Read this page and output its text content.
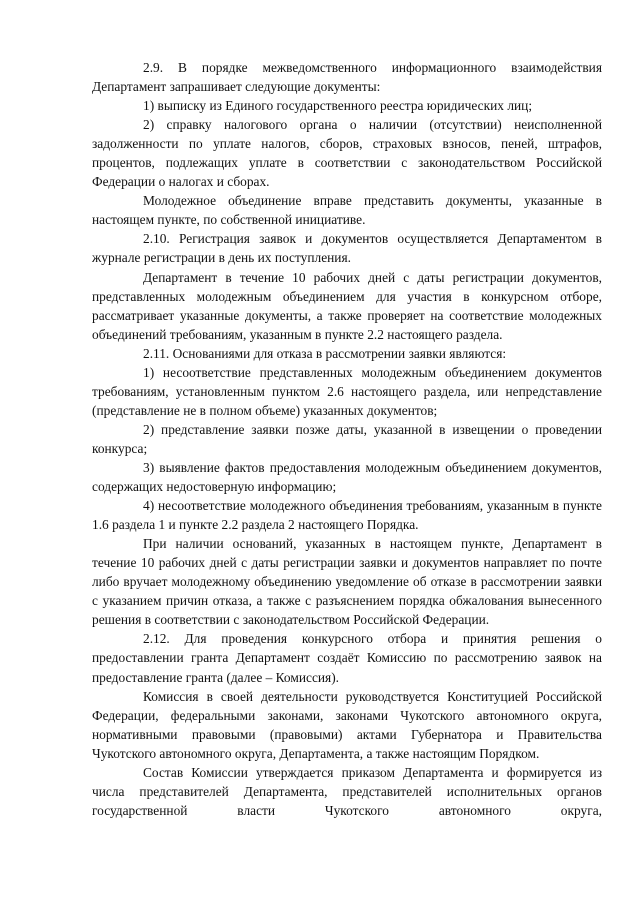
2.9. В порядке межведомственного информационного взаимодействия Департамент запрашивает следующие документы:

1) выписку из Единого государственного реестра юридических лиц;

2) справку налогового органа о наличии (отсутствии) неисполненной задолженности по уплате налогов, сборов, страховых взносов, пеней, штрафов, процентов, подлежащих уплате в соответствии с законодательством Российской Федерации о налогах и сборах.

Молодежное объединение вправе представить документы, указанные в настоящем пункте, по собственной инициативе.

2.10. Регистрация заявок и документов осуществляется Департаментом в журнале регистрации в день их поступления.

Департамент в течение 10 рабочих дней с даты регистрации документов, представленных молодежным объединением для участия в конкурсном отборе, рассматривает указанные документы, а также проверяет на соответствие молодежных объединений требованиям, указанным в пункте 2.2 настоящего раздела.

2.11. Основаниями для отказа в рассмотрении заявки являются:

1) несоответствие представленных молодежным объединением документов требованиям, установленным пунктом 2.6 настоящего раздела, или непредставление (представление не в полном объеме) указанных документов;

2) представление заявки позже даты, указанной в извещении о проведении конкурса;

3) выявление фактов предоставления молодежным объединением документов, содержащих недостоверную информацию;

4) несоответствие молодежного объединения требованиям, указанным в пункте 1.6 раздела 1 и пункте 2.2 раздела 2 настоящего Порядка.

При наличии оснований, указанных в настоящем пункте, Департамент в течение 10 рабочих дней с даты регистрации заявки и документов направляет по почте либо вручает молодежному объединению уведомление об отказе в рассмотрении заявки с указанием причин отказа, а также с разъяснением порядка обжалования вынесенного решения в соответствии с законодательством Российской Федерации.

2.12. Для проведения конкурсного отбора и принятия решения о предоставлении гранта Департамент создаёт Комиссию по рассмотрению заявок на предоставление гранта (далее – Комиссия).

Комиссия в своей деятельности руководствуется Конституцией Российской Федерации, федеральными законами, законами Чукотского автономного округа, нормативными правовыми (правовыми) актами Губернатора и Правительства Чукотского автономного округа, Департамента, а также настоящим Порядком.

Состав Комиссии утверждается приказом Департамента и формируется из числа представителей Департамента, представителей исполнительных органов государственной власти Чукотского автономного округа,
